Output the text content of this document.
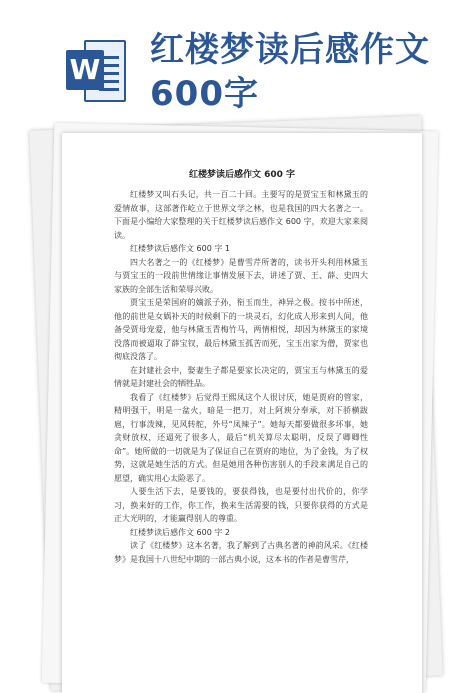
W 红楼梦读后感作文600字
红楼梦读后感作文 600 字

红楼梦又叫石头记，共一百二十回。主要写的是贾宝玉和林黛玉的爱情故事，这部著作屹立于世界文学之林，也是我国的四大名著之一。下面是小编给大家整理的关于红楼梦读后感作文 600 字，欢迎大家来阅读。

红楼梦读后感作文 600 字 1

四大名著之一的《红楼梦》是曹雪芹所著的，读书开头利用林黛玉与贾宝玉的一段前世情缘让事情发展下去，讲述了贾、王、薛、史四大家族的全部生活和荣辱兴败。

贾宝玉是荣国府的嫡派子孙，衔玉而生，神异之极。按书中所述，他的前世是女娲补天的时候剩下的一块灵石，幻化成人形来到人间，他备受贾母宠爱，他与林黛玉青梅竹马，两情相悦，却因为林黛玉的家境没落而被逼取了薛宝钗，最后林黛玉孤苦而死，宝玉出家为僧，贾家也彻底没落了。

在封建社会中，娶妻生子都是要家长决定的，贾宝玉与林黛玉的爱情就是封建社会的牺牲品。

我看了《红楼梦》后觉得王熙凤这个人很讨厌，她是贾府的管家，精明强干，明是一盆火，暗是一把刀，对上阿谀分奉承，对下骄横跋扈，行事泼辣，见风转舵，外号“凤辣子”。她每天都要做很多坏事，她贪财放权，还逼死了很多人，最后“机关算尽太聪明，反误了卿卿性命”。她所做的一切就是为了保证自己在贾府的地位，为了金钱，为了权势，这就是她生活的方式。但是她用各种伤害别人的手段来满足自己的愿望，确实用心太险恶了。

人要生活下去，是要钱的，要获得钱，也是要付出代价的，你学习，换来好的工作，你工作，换来生活需要的钱，只要你获得的方式是正大光明的，才能赢得别人的尊重。

红楼梦读后感作文 600 字 2

读了《红楼梦》这本名著，我了解到了古典名著的神韵风采。《红楼梦》是我国十八世纪中期的一部古典小说，这本书的作者是曹雪芹，
